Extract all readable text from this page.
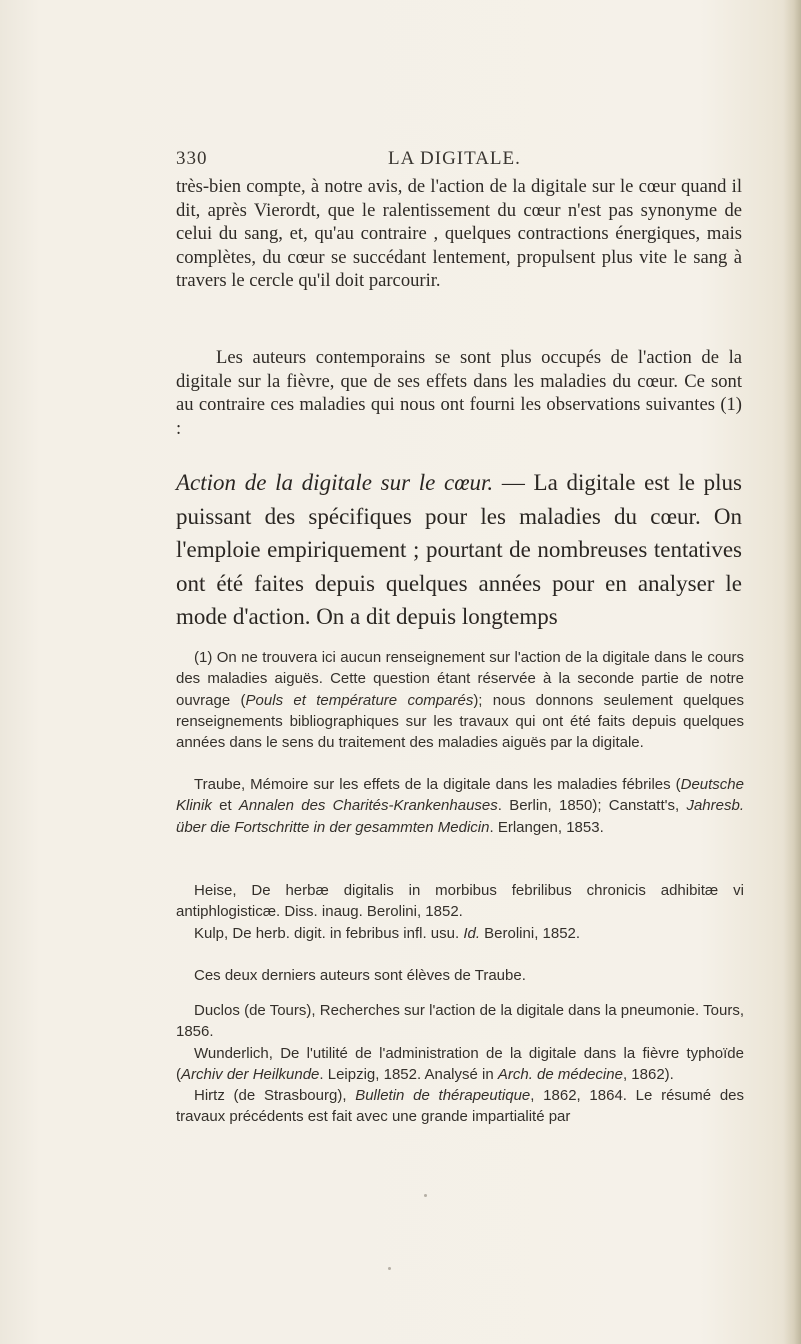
330	LA DIGITALE.
très-bien compte, à notre avis, de l'action de la digitale sur le cœur quand il dit, après Vierordt, que le ralentissement du cœur n'est pas synonyme de celui du sang, et, qu'au contraire , quelques contractions énergiques, mais complètes, du cœur se succédant lentement, propulsent plus vite le sang à travers le cercle qu'il doit parcourir.
Les auteurs contemporains se sont plus occupés de l'action de la digitale sur la fièvre, que de ses effets dans les maladies du cœur. Ce sont au contraire ces maladies qui nous ont fourni les observations suivantes (1) :
Action de la digitale sur le cœur. — La digitale est le plus puissant des spécifiques pour les maladies du cœur. On l'emploie empiriquement ; pourtant de nombreuses tentatives ont été faites depuis quelques années pour en analyser le mode d'action. On a dit depuis longtemps
(1) On ne trouvera ici aucun renseignement sur l'action de la digitale dans le cours des maladies aiguës. Cette question étant réservée à la seconde partie de notre ouvrage (Pouls et température comparés); nous donnons seulement quelques renseignements bibliographiques sur les travaux qui ont été faits depuis quelques années dans le sens du traitement des maladies aiguës par la digitale.
Traube, Mémoire sur les effets de la digitale dans les maladies fébriles (Deutsche Klinik et Annalen des Charités-Krankenhauses. Berlin, 1850); Canstatt's, Jahresb. über die Fortschritte in der gesammten Medicin. Erlangen, 1853.
Heise, De herbæ digitalis in morbibus febrilibus chronicis adhibitæ vi antiphlogisticæ. Diss. inaug. Berolini, 1852.
Kulp, De herb. digit. in febribus infl. usu. Id. Berolini, 1852.
Ces deux derniers auteurs sont élèves de Traube.
Duclos (de Tours), Recherches sur l'action de la digitale dans la pneumonie. Tours, 1856.
Wunderlich, De l'utilité de l'administration de la digitale dans la fièvre typhoïde (Archiv der Heilkunde. Leipzig, 1852. Analysé in Arch. de médecine, 1862).
Hirtz (de Strasbourg), Bulletin de thérapeutique, 1862, 1864. Le résumé des travaux précédents est fait avec une grande impartialité par
